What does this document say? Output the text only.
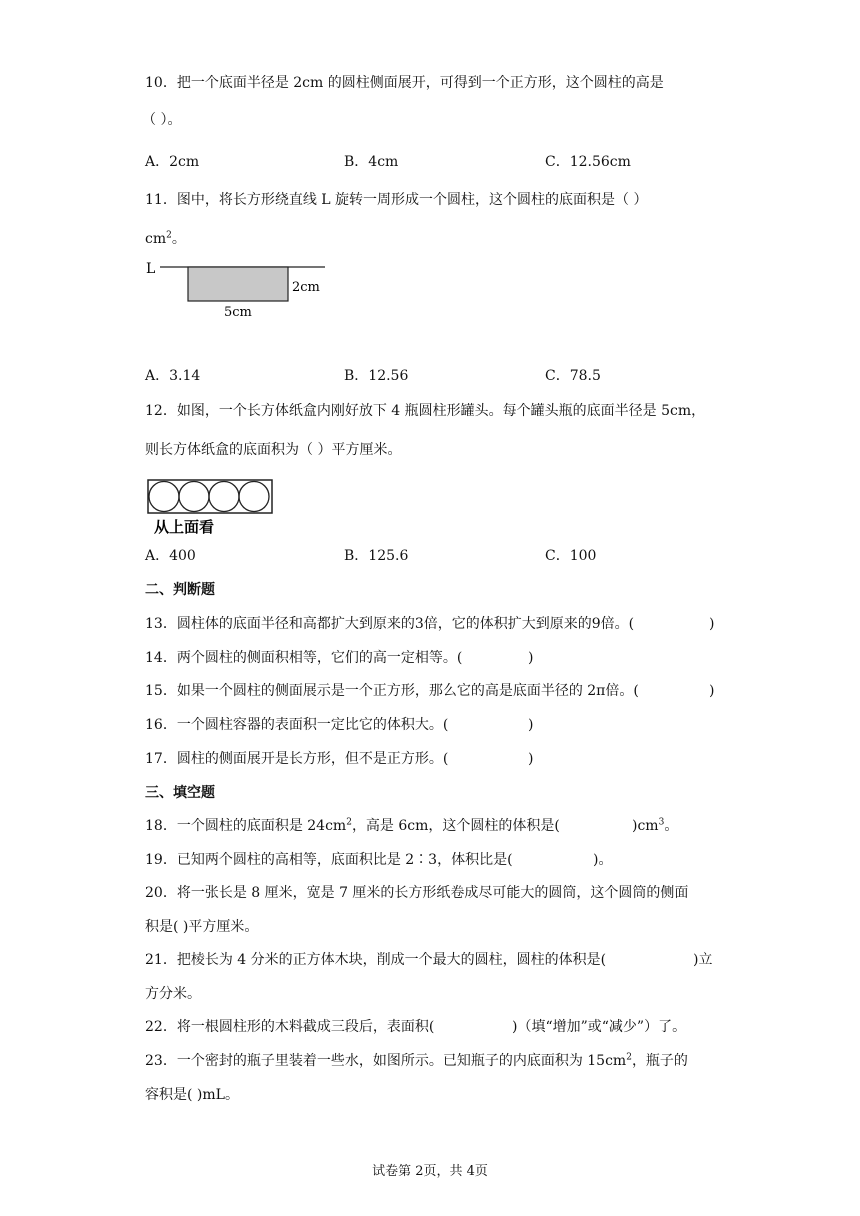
10．把一个底面半径是 2cm 的圆柱侧面展开，可得到一个正方形，这个圆柱的高是
（ ）。
A．2cm	B．4cm	C．12.56cm
11．图中，将长方形绕直线 L 旋转一周形成一个圆柱，这个圆柱的底面积是（ ）
$cm^2$。
L
2cm
5cm
A．3.14	B．12.56	C．78.5
12．如图，一个长方体纸盒内刚好放下 4 瓶圆柱形罐头。每个罐头瓶的底面半径是 5cm，
则长方体纸盒的底面积为（ ）平方厘米。
从上面看
A．400	B．125.6	C．100
二、判断题
13．圆柱体的底面半径和高都扩大到原来的3倍，它的体积扩大到原来的9倍。(	)
14．两个圆柱的侧面积相等，它们的高一定相等。(	)
15．如果一个圆柱的侧面展示是一个正方形，那么它的高是底面半径的 2π倍。(	)
16．一个圆柱容器的表面积一定比它的体积大。(	)
17．圆柱的侧面展开是长方形，但不是正方形。(	)
三、填空题
18．一个圆柱的底面积是 $24cm^2$，高是 6cm，这个圆柱的体积是(	)$cm^3$。
19．已知两个圆柱的高相等，底面积比是 2∶3，体积比是(	)。
20．将一张长是 8 厘米，宽是 7 厘米的长方形纸卷成尽可能大的圆筒，这个圆筒的侧面
积是( )平方厘米。
21．把棱长为 4 分米的正方体木块，削成一个最大的圆柱，圆柱的体积是(	)立
方分米。
22．将一根圆柱形的木料截成三段后，表面积(	)（填“增加”或“减少”）了。
23．一个密封的瓶子里装着一些水，如图所示。已知瓶子的内底面积为 $15cm^2$，瓶子的
容积是( )mL。
试卷第 2页，共 4页
